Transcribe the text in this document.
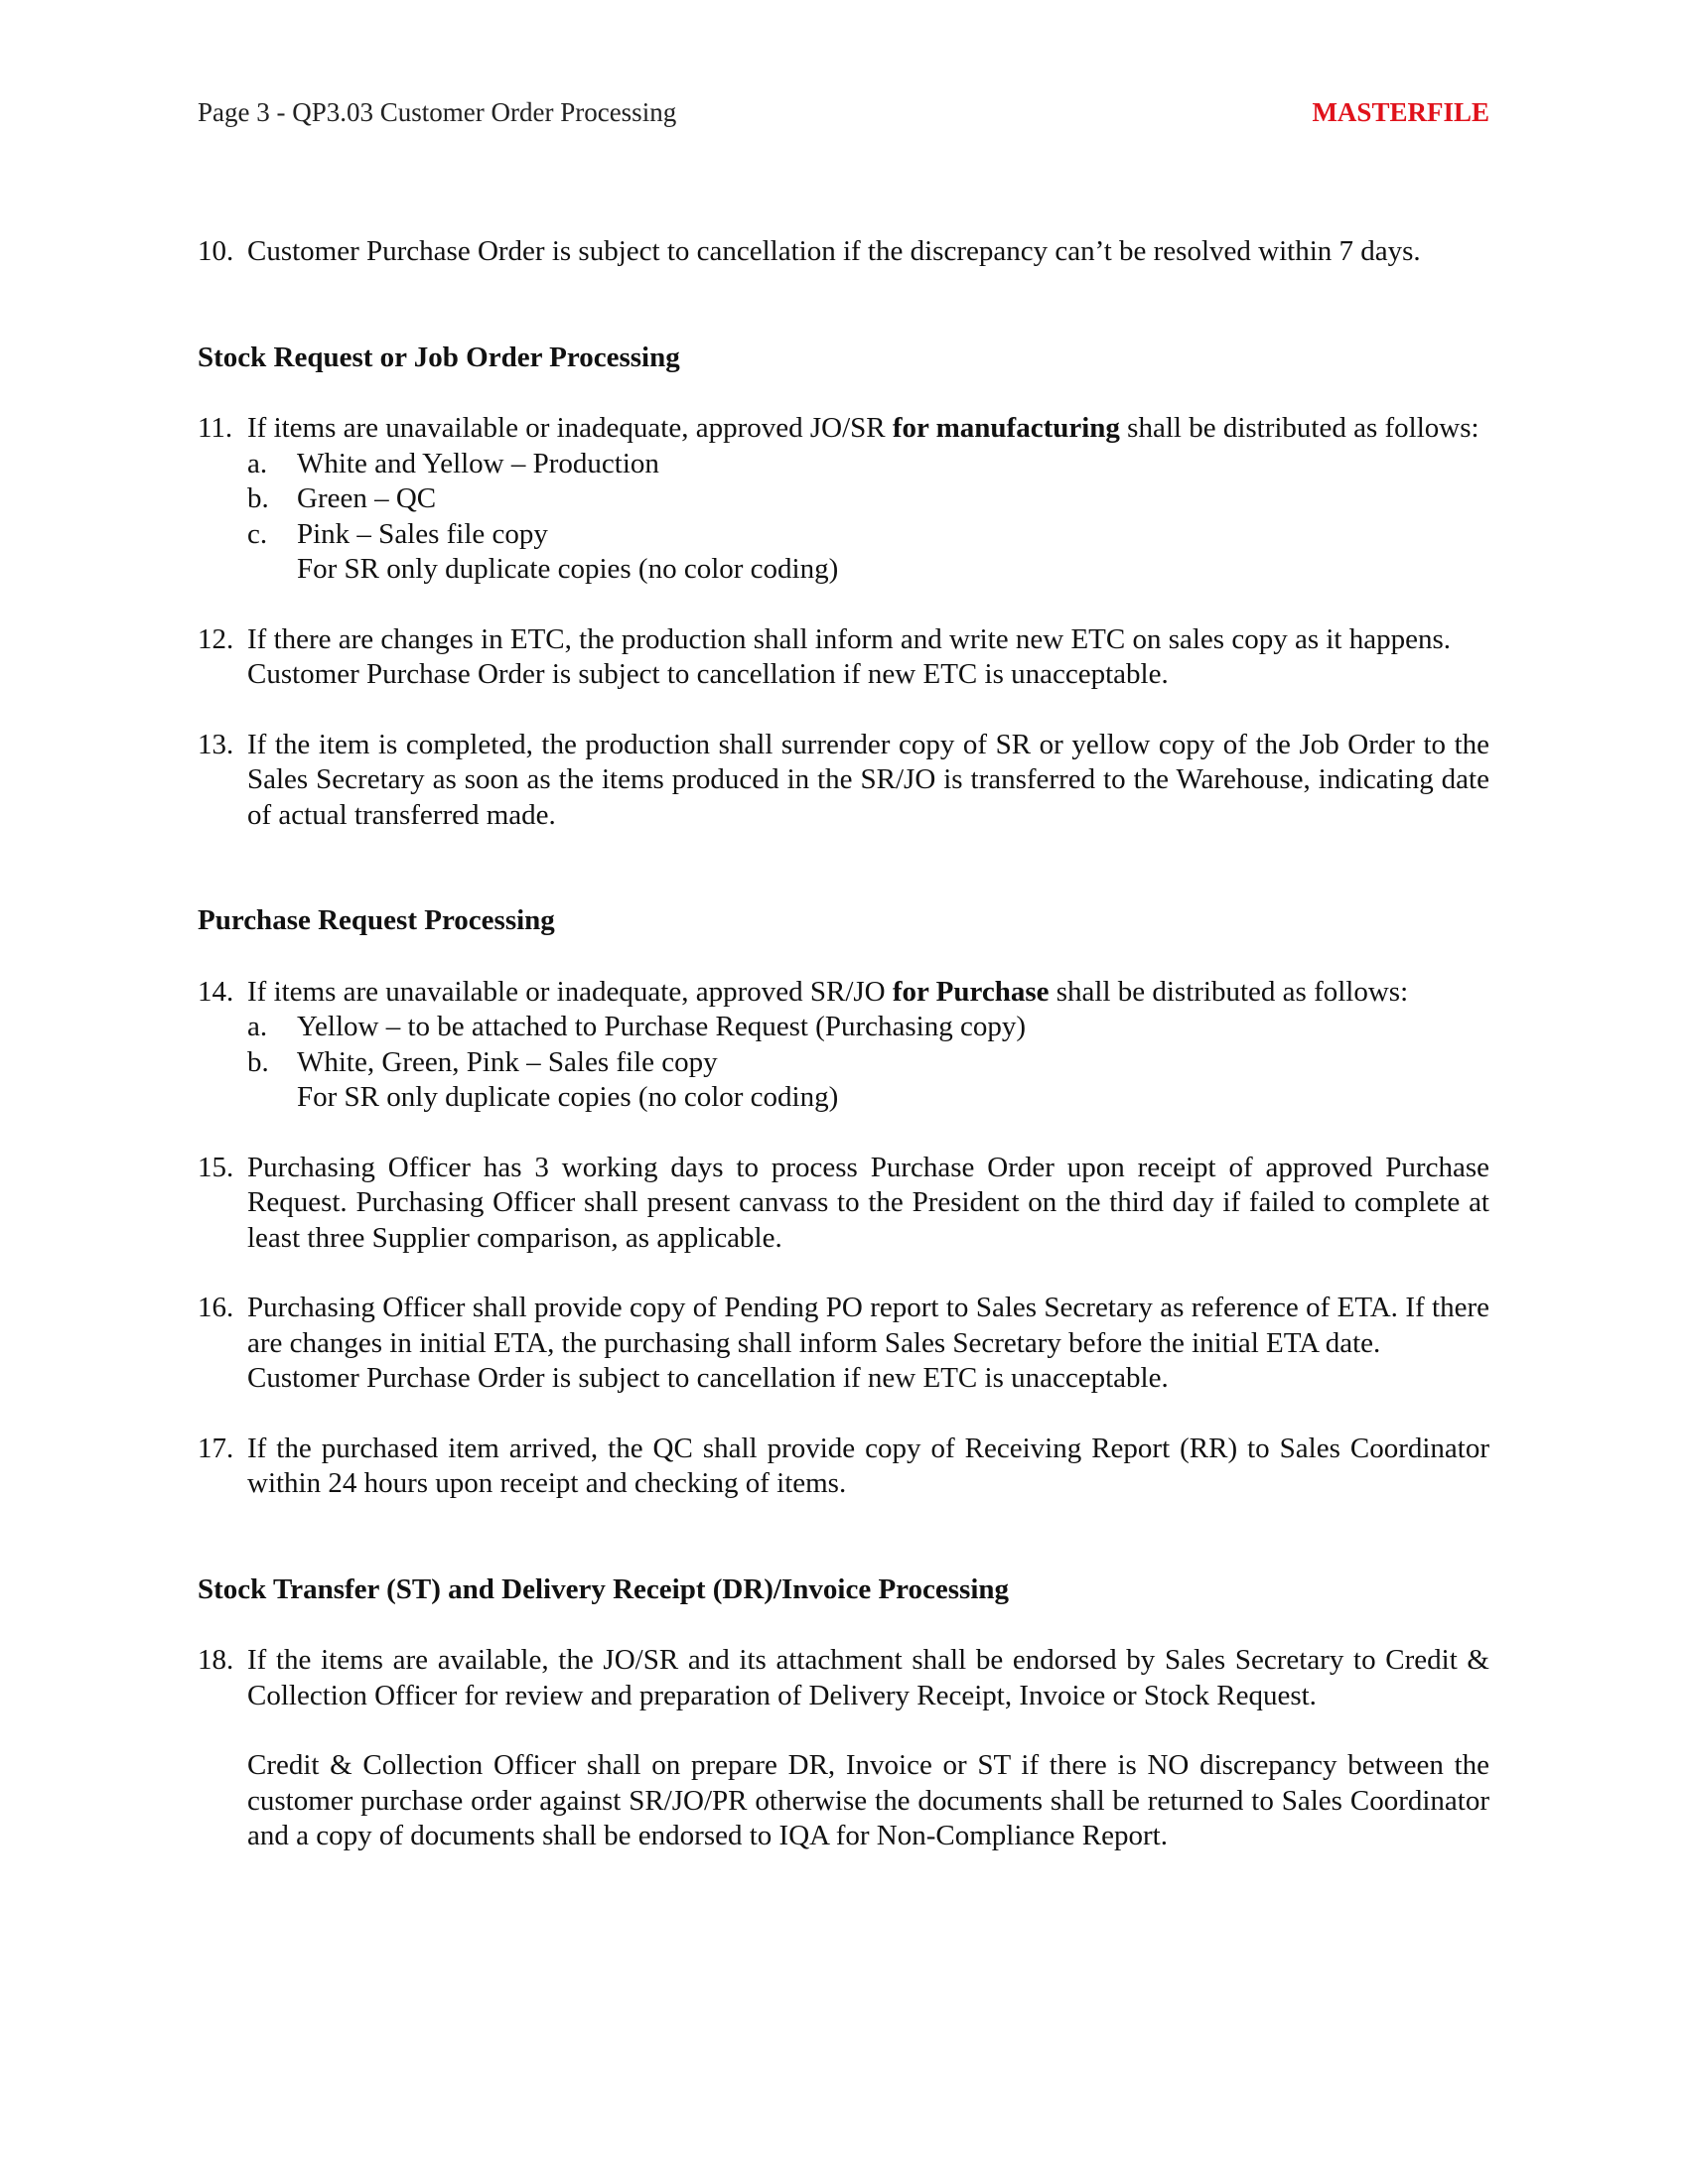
Page 3 - QP3.03 Customer Order Processing	MASTERFILE
10. Customer Purchase Order is subject to cancellation if the discrepancy can’t be resolved within 7 days.

Stock Request or Job Order Processing

11. If items are unavailable or inadequate, approved JO/SR for manufacturing shall be distributed as follows:

a.	White and Yellow – Production
b. Green – QC
c.	Pink – Sales file copy
For SR only duplicate copies (no color coding)
12. If there are changes in ETC, the production shall inform and write new ETC on sales copy as it happens.

Customer Purchase Order is subject to cancellation if new ETC is unacceptable.

13. If the item is completed, the production shall surrender copy of SR or yellow copy of the Job Order to the Sales Secretary as soon as the items produced in the SR/JO is transferred to the Warehouse, indicating date of actual transferred made.

Purchase Request Processing

14. If items are unavailable or inadequate, approved SR/JO for Purchase shall be distributed as follows:

a.	Yellow – to be attached to Purchase Request (Purchasing copy)
b. White, Green, Pink – Sales file copy
For SR only duplicate copies (no color coding)
15. Purchasing Officer has 3 working days to process Purchase Order upon receipt of approved Purchase Request. Purchasing Officer shall present canvass to the President on the third day if failed to complete at least three Supplier comparison, as applicable.

16. Purchasing Officer shall provide copy of Pending PO report to Sales Secretary as reference of ETA. If there are changes in initial ETA, the purchasing shall inform Sales Secretary before the initial ETA date.

Customer Purchase Order is subject to cancellation if new ETC is unacceptable.

17. If the purchased item arrived, the QC shall provide copy of Receiving Report (RR) to Sales Coordinator within 24 hours upon receipt and checking of items.

Stock Transfer (ST) and Delivery Receipt (DR)/Invoice Processing

18. If the items are available, the JO/SR and its attachment shall be endorsed by Sales Secretary to Credit & Collection Officer for review and preparation of Delivery Receipt, Invoice or Stock Request.

Credit & Collection Officer shall on prepare DR, Invoice or ST if there is NO discrepancy between the customer purchase order against SR/JO/PR otherwise the documents shall be returned to Sales Coordinator and a copy of documents shall be endorsed to IQA for Non-Compliance Report.
